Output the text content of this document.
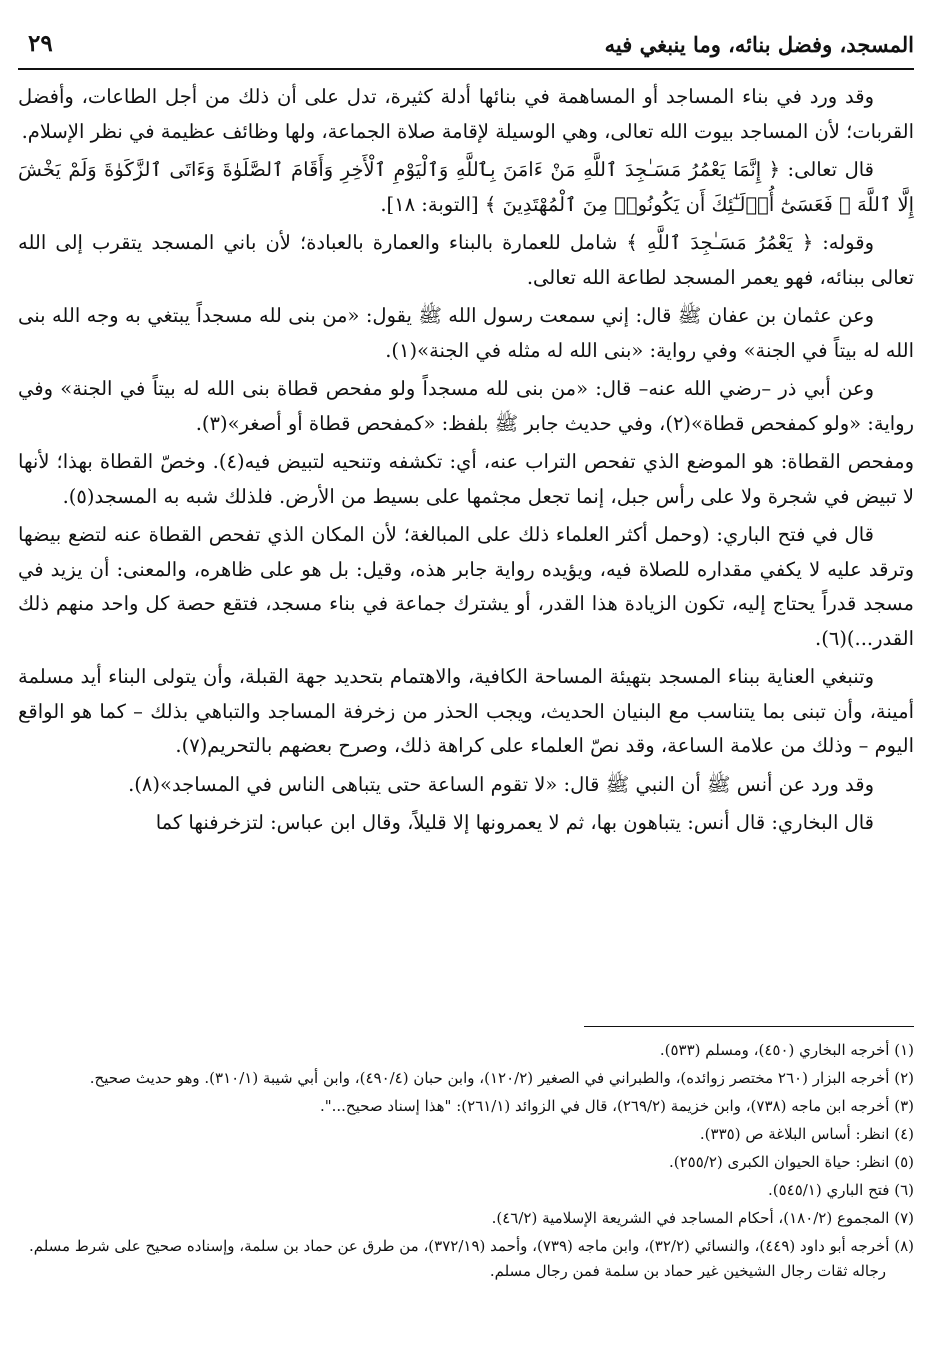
المسجد، وفضل بنائه، وما ينبغي فيه
٢٩

وقد ورد في بناء المساجد أو المساهمة في بنائها أدلة كثيرة، تدل على أن ذلك من أجل الطاعات، وأفضل القربات؛ لأن المساجد بيوت الله تعالى، وهي الوسيلة لإقامة صلاة الجماعة، ولها وظائف عظيمة في نظر الإسلام.

قال تعالى: ﴿ إِنَّمَا يَعْمُرُ مَسَـٰجِدَ ٱللَّهِ مَنْ ءَامَنَ بِٱللَّهِ وَٱلْيَوْمِ ٱلْأَخِرِ وَأَقَامَ ٱلصَّلَوٰةَ وَءَاتَى ٱلزَّكَوٰةَ وَلَمْ يَخْشَ إِلَّا ٱللَّهَ ۖ فَعَسَىٰٓ أُو۟لَـٰٓئِكَ أَن يَكُونُوا۟ مِنَ ٱلْمُهْتَدِينَ ﴾ [التوبة: ١٨].

وقوله: ﴿ يَعْمُرُ مَسَـٰجِدَ ٱللَّهِ ﴾ شامل للعمارة بالبناء والعمارة بالعبادة؛ لأن باني المسجد يتقرب إلى الله تعالى ببنائه، فهو يعمر المسجد لطاعة الله تعالى.

وعن عثمان بن عفان ﷺ قال: إني سمعت رسول الله ﷺ يقول: «من بنى لله مسجداً يبتغي به وجه الله بنى الله له بيتاً في الجنة» وفي رواية: «بنى الله له مثله في الجنة»(١).

وعن أبي ذر –رضي الله عنه– قال: «من بنى لله مسجداً ولو مفحص قطاة بنى الله له بيتاً في الجنة» وفي رواية: «ولو كمفحص قطاة»(٢)، وفي حديث جابر ﷺ بلفظ: «كمفحص قطاة أو أصغر»(٣).

ومفحص القطاة: هو الموضع الذي تفحص التراب عنه، أي: تكشفه وتنحيه لتبيض فيه(٤). وخصّ القطاة بهذا؛ لأنها لا تبيض في شجرة ولا على رأس جبل، إنما تجعل مجثمها على بسيط من الأرض. فلذلك شبه به المسجد(٥).

قال في فتح الباري: (وحمل أكثر العلماء ذلك على المبالغة؛ لأن المكان الذي تفحص القطاة عنه لتضع بيضها وترقد عليه لا يكفي مقداره للصلاة فيه، ويؤيده رواية جابر هذه، وقيل: بل هو على ظاهره، والمعنى: أن يزيد في مسجد قدراً يحتاج إليه، تكون الزيادة هذا القدر، أو يشترك جماعة في بناء مسجد، فتقع حصة كل واحد منهم ذلك القدر...)(٦).

وتنبغي العناية ببناء المسجد بتهيئة المساحة الكافية، والاهتمام بتحديد جهة القبلة، وأن يتولى البناء أيد مسلمة أمينة، وأن تبنى بما يتناسب مع البنيان الحديث، ويجب الحذر من زخرفة المساجد والتباهي بذلك – كما هو الواقع اليوم – وذلك من علامة الساعة، وقد نصّ العلماء على كراهة ذلك، وصرح بعضهم بالتحريم(٧).

وقد ورد عن أنس ﷺ أن النبي ﷺ قال: «لا تقوم الساعة حتى يتباهى الناس في المساجد»(٨).

قال البخاري: قال أنس: يتباهون بها، ثم لا يعمرونها إلا قليلاً، وقال ابن عباس: لتزخرفنها كما

(١) أخرجه البخاري (٤٥٠)، ومسلم (٥٣٣).

(٢) أخرجه البزار (٢٦٠ مختصر زوائده)، والطبراني في الصغير (١٢٠/٢)، وابن حبان (٤٩٠/٤)، وابن أبي شيبة (٣١٠/١). وهو حديث صحيح.

(٣) أخرجه ابن ماجه (٧٣٨)، وابن خزيمة (٢٦٩/٢)، قال في الزوائد (٢٦١/١): "هذا إسناد صحيح...".

(٤) انظر: أساس البلاغة ص (٣٣٥).

(٥) انظر: حياة الحيوان الكبرى (٢٥٥/٢).

(٦) فتح الباري (٥٤٥/١).

(٧) المجموع (١٨٠/٢)، أحكام المساجد في الشريعة الإسلامية (٤٦/٢).

(٨) أخرجه أبو داود (٤٤٩)، والنسائي (٣٢/٢)، وابن ماجه (٧٣٩)، وأحمد (٣٧٢/١٩)، من طرق عن حماد بن سلمة، وإسناده صحيح على شرط مسلم. رجاله ثقات رجال الشيخين غير حماد بن سلمة فمن رجال مسلم.
